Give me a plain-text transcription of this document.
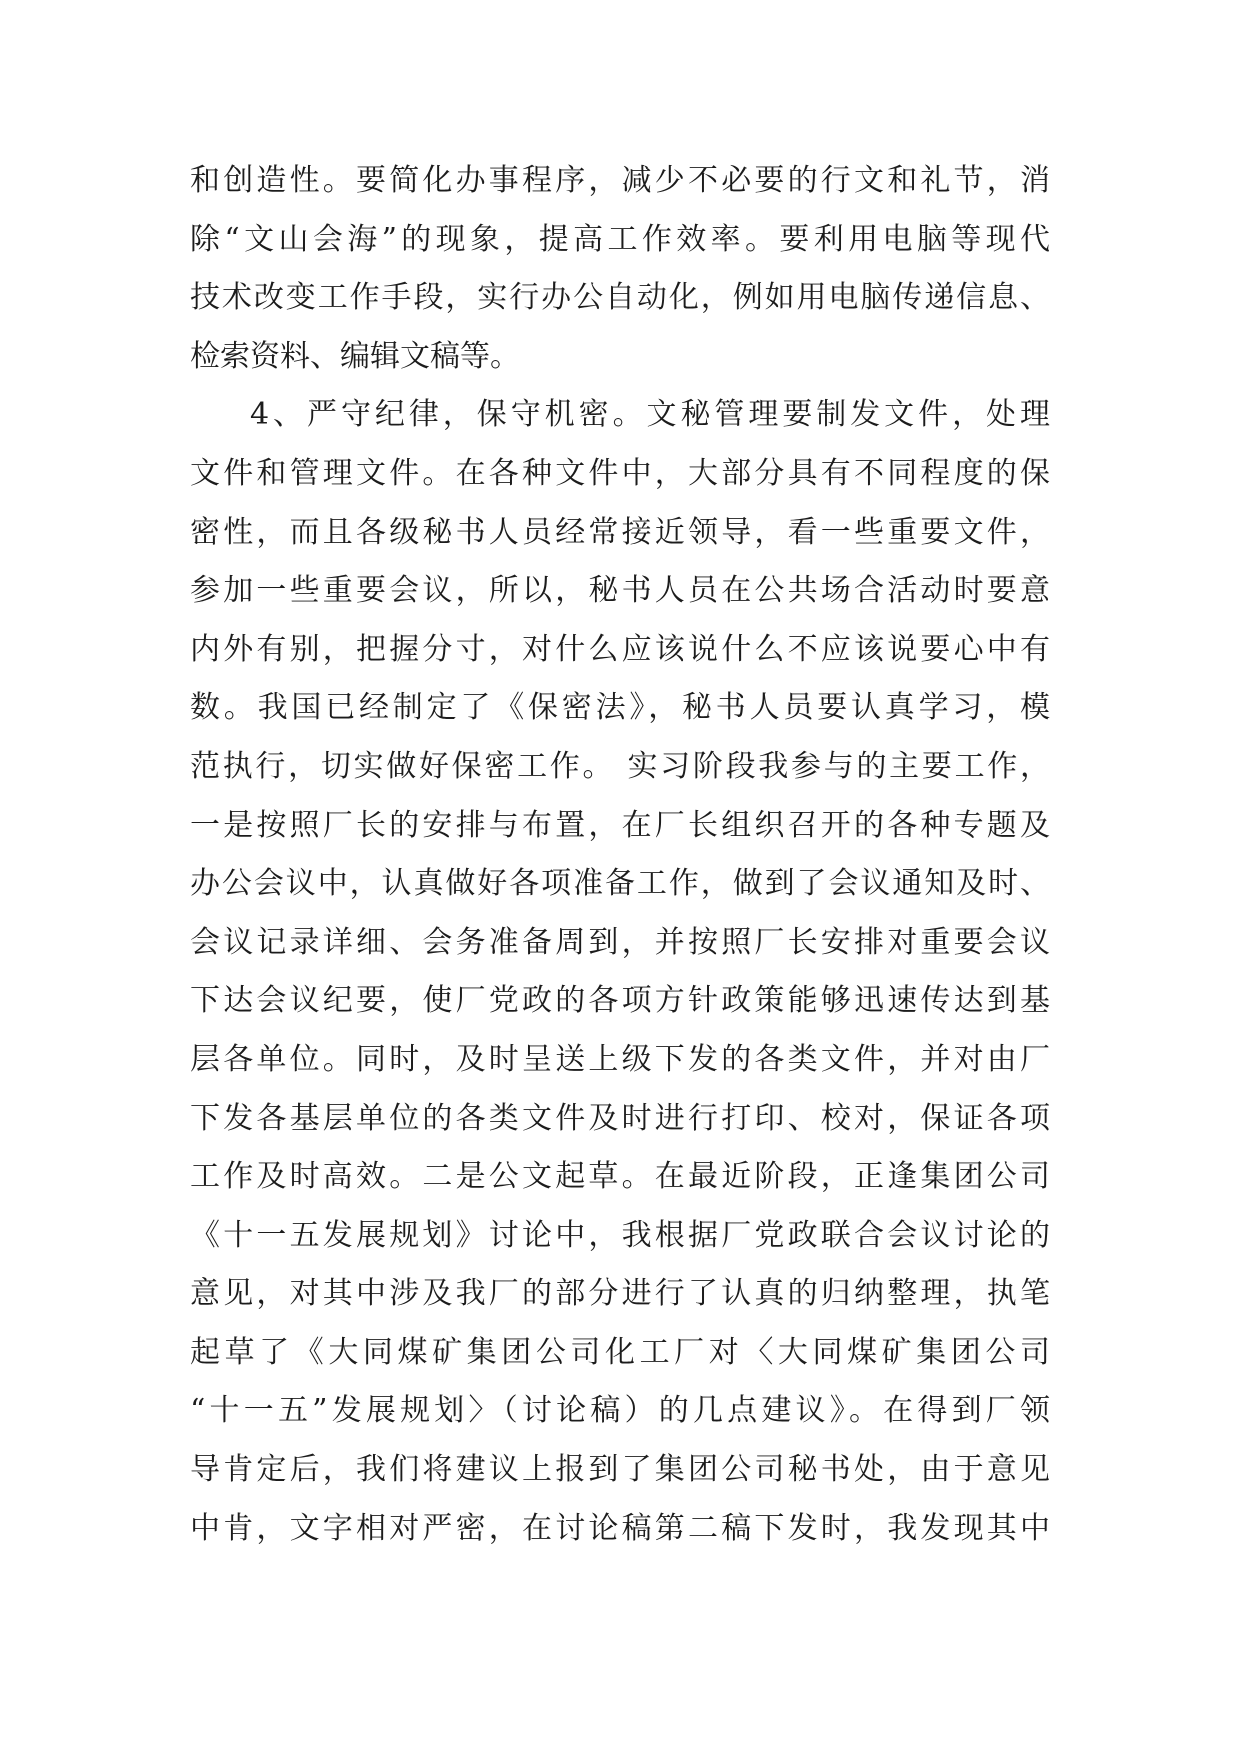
和创造性。要简化办事程序，减少不必要的行文和礼节，消
除“文山会海”的现象，提高工作效率。要利用电脑等现代
技术改变工作手段，实行办公自动化，例如用电脑传递信息、
检索资料、编辑文稿等。
4、严守纪律，保守机密。文秘管理要制发文件，处理
文件和管理文件。在各种文件中，大部分具有不同程度的保
密性，而且各级秘书人员经常接近领导，看一些重要文件，
参加一些重要会议，所以，秘书人员在公共场合活动时要意
内外有别，把握分寸，对什么应该说什么不应该说要心中有
数。我国已经制定了《保密法》，秘书人员要认真学习，模
范执行，切实做好保密工作。 实习阶段我参与的主要工作，
一是按照厂长的安排与布置，在厂长组织召开的各种专题及
办公会议中，认真做好各项准备工作，做到了会议通知及时、
会议记录详细、会务准备周到，并按照厂长安排对重要会议
下达会议纪要，使厂党政的各项方针政策能够迅速传达到基
层各单位。同时，及时呈送上级下发的各类文件，并对由厂
下发各基层单位的各类文件及时进行打印、校对，保证各项
工作及时高效。二是公文起草。在最近阶段，正逢集团公司
《十一五发展规划》讨论中，我根据厂党政联合会议讨论的
意见，对其中涉及我厂的部分进行了认真的归纳整理，执笔
起草了《大同煤矿集团公司化工厂对〈大同煤矿集团公司
“十一五”发展规划〉（讨论稿）的几点建议》。在得到厂领
导肯定后，我们将建议上报到了集团公司秘书处，由于意见
中肯，文字相对严密，在讨论稿第二稿下发时，我发现其中
